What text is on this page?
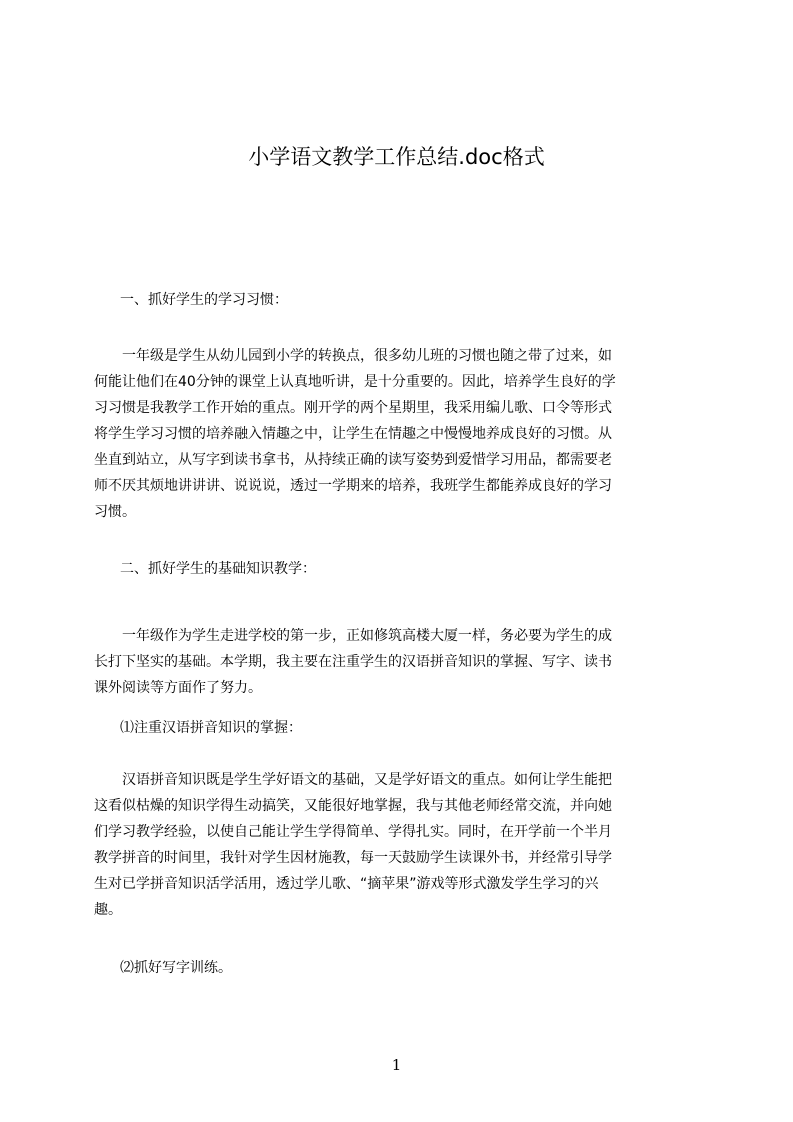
小学语文教学工作总结.doc格式
一、抓好学生的学习习惯：
　　一年级是学生从幼儿园到小学的转换点，很多幼儿班的习惯也随之带了过来，如
何能让他们在40分钟的课堂上认真地听讲，是十分重要的。因此，培养学生良好的学
习习惯是我教学工作开始的重点。刚开学的两个星期里，我采用编儿歌、口令等形式
将学生学习习惯的培养融入情趣之中，让学生在情趣之中慢慢地养成良好的习惯。从
坐直到站立，从写字到读书拿书，从持续正确的读写姿势到爱惜学习用品，都需要老
师不厌其烦地讲讲讲、说说说，透过一学期来的培养，我班学生都能养成良好的学习
习惯。
二、抓好学生的基础知识教学：
　　一年级作为学生走进学校的第一步，正如修筑高楼大厦一样，务必要为学生的成
长打下坚实的基础。本学期，我主要在注重学生的汉语拼音知识的掌握、写字、读书
课外阅读等方面作了努力。
⑴注重汉语拼音知识的掌握：
　　汉语拼音知识既是学生学好语文的基础，又是学好语文的重点。如何让学生能把
这看似枯燥的知识学得生动搞笑，又能很好地掌握，我与其他老师经常交流，并向她
们学习教学经验，以使自己能让学生学得简单、学得扎实。同时，在开学前一个半月
教学拼音的时间里，我针对学生因材施教，每一天鼓励学生读课外书，并经常引导学
生对已学拼音知识活学活用，透过学儿歌、“摘苹果”游戏等形式激发学生学习的兴
趣。
⑵抓好写字训练。
1
